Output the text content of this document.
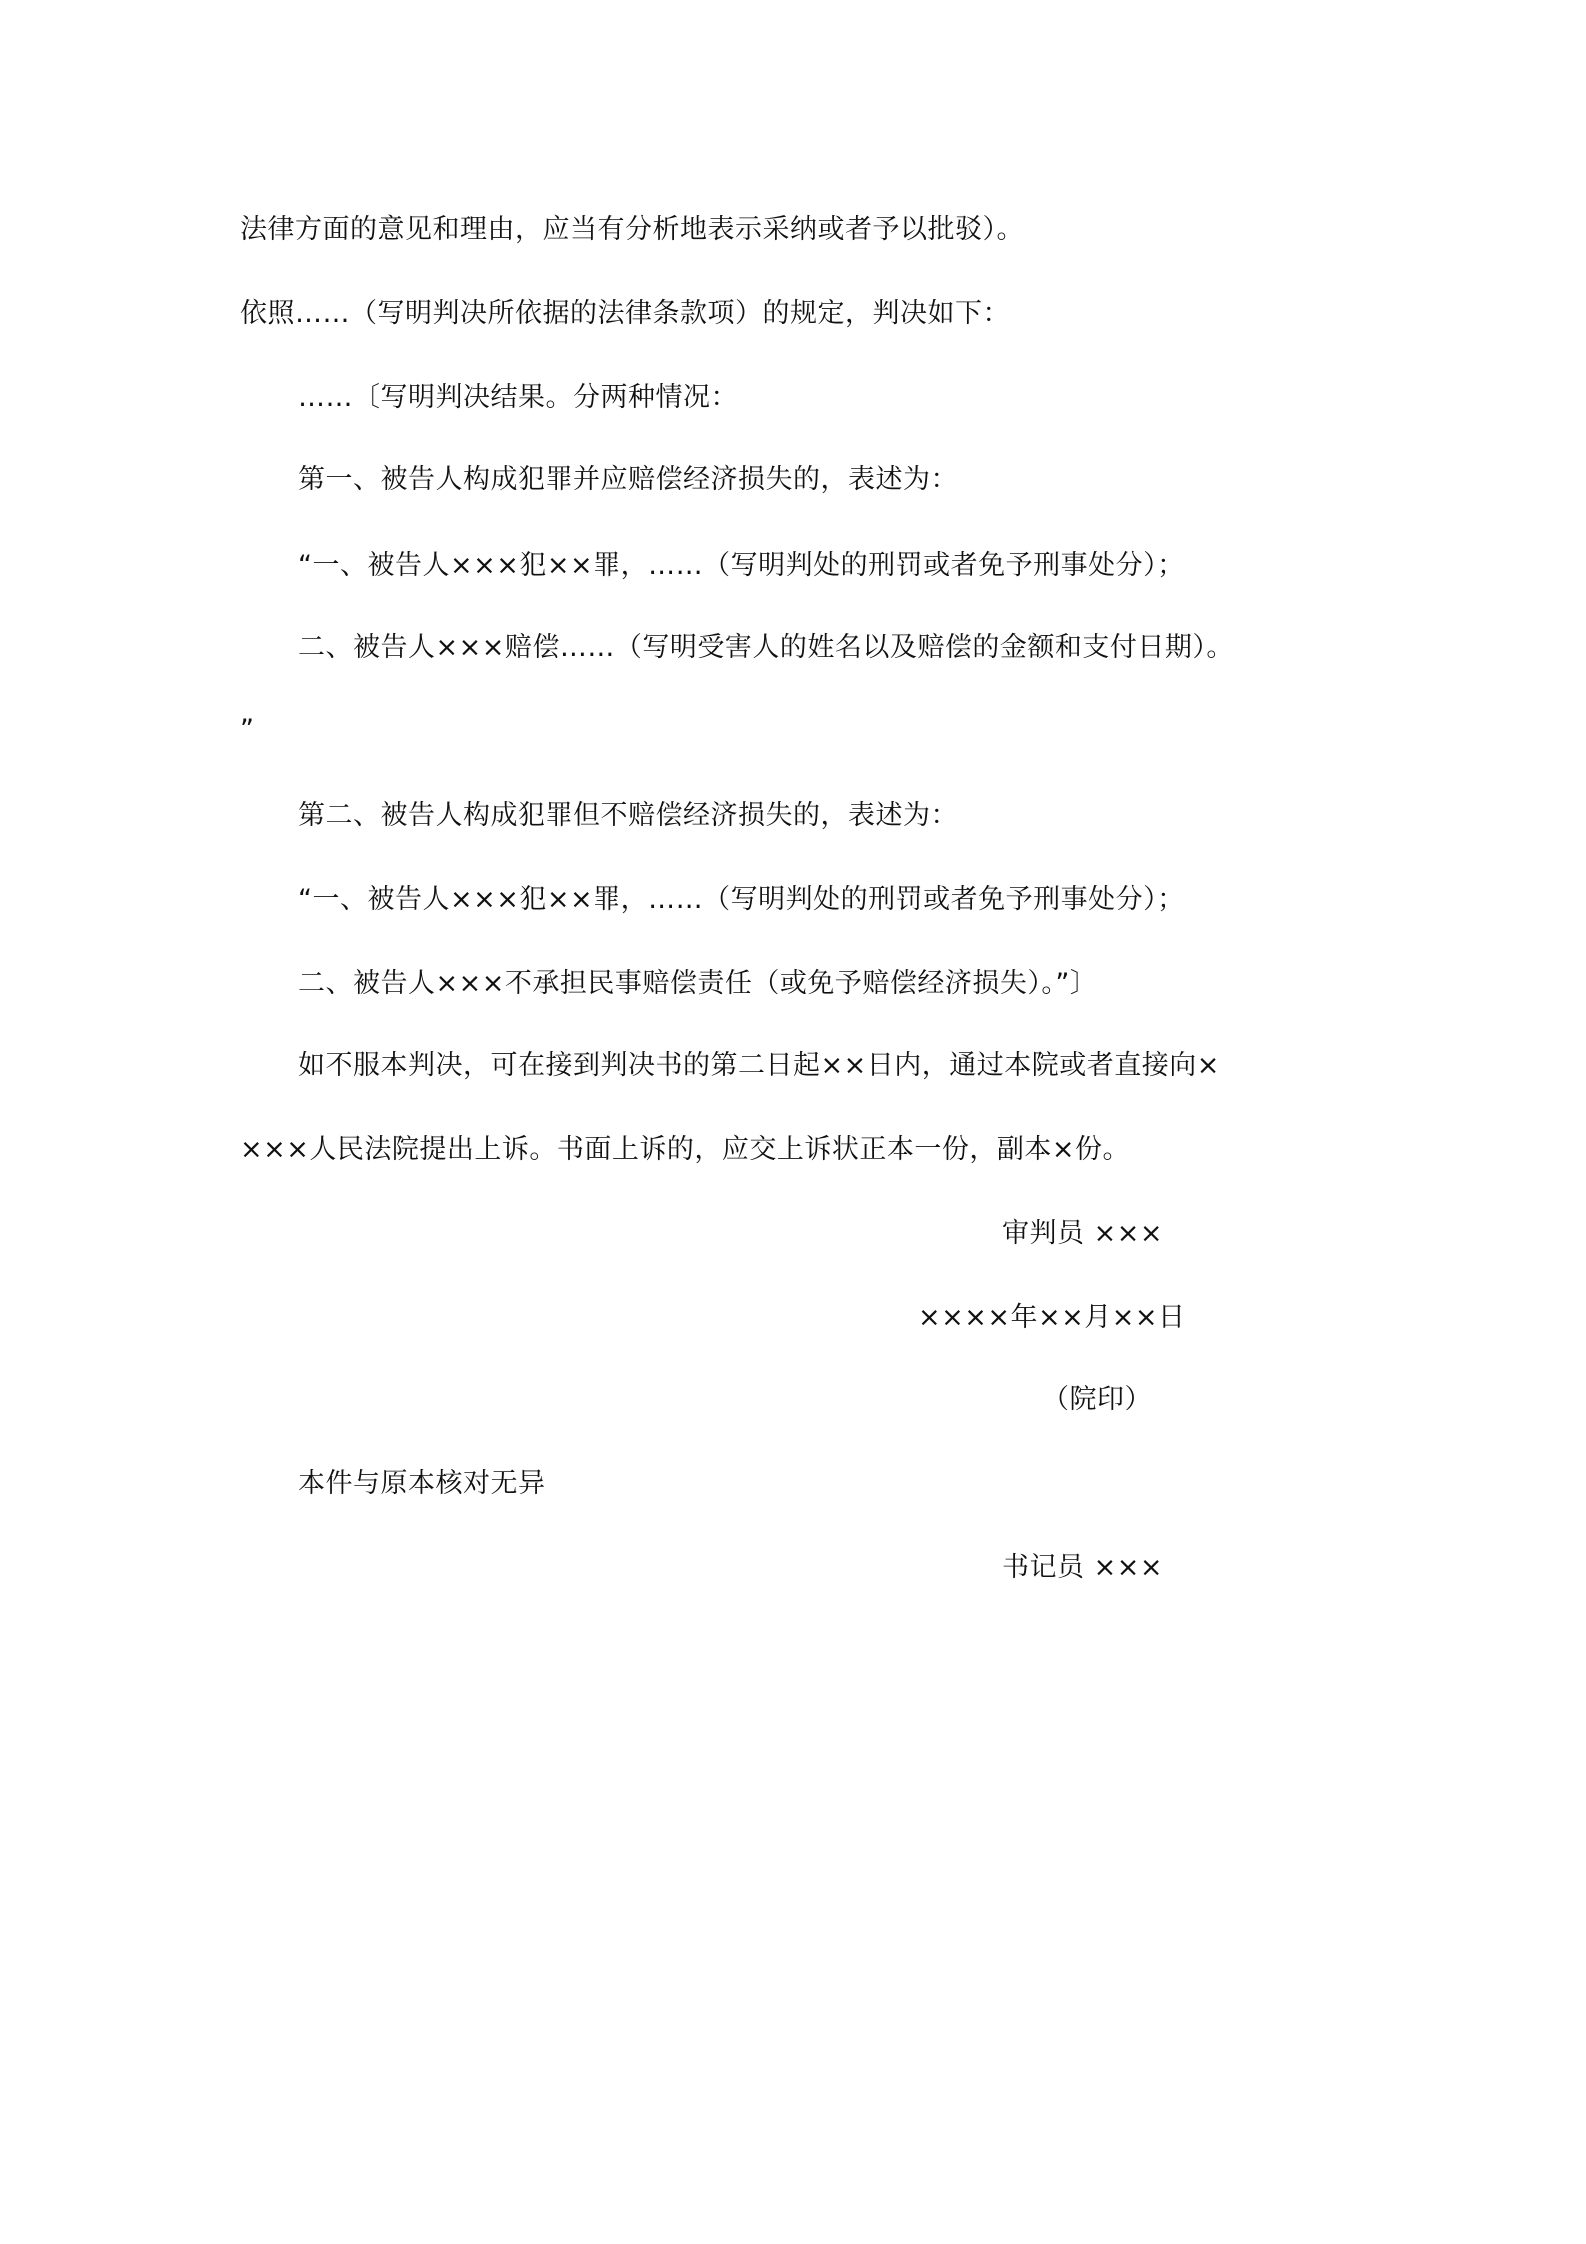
法律方面的意见和理由，应当有分析地表示采纳或者予以批驳）。
依照……（写明判决所依据的法律条款项）的规定，判决如下：
……〔写明判决结果。分两种情况：
第一、被告人构成犯罪并应赔偿经济损失的，表述为：
“一、被告人×××犯××罪，……（写明判处的刑罚或者免予刑事处分）；
二、被告人×××赔偿……（写明受害人的姓名以及赔偿的金额和支付日期）。
”
第二、被告人构成犯罪但不赔偿经济损失的，表述为：
“一、被告人×××犯××罪，……（写明判处的刑罚或者免予刑事处分）；
二、被告人×××不承担民事赔偿责任（或免予赔偿经济损失）。”〕
如不服本判决，可在接到判决书的第二日起××日内，通过本院或者直接向×
×××人民法院提出上诉。书面上诉的，应交上诉状正本一份，副本×份。
审判员 ×××
××××年××月××日
（院印）
本件与原本核对无异
书记员 ×××
